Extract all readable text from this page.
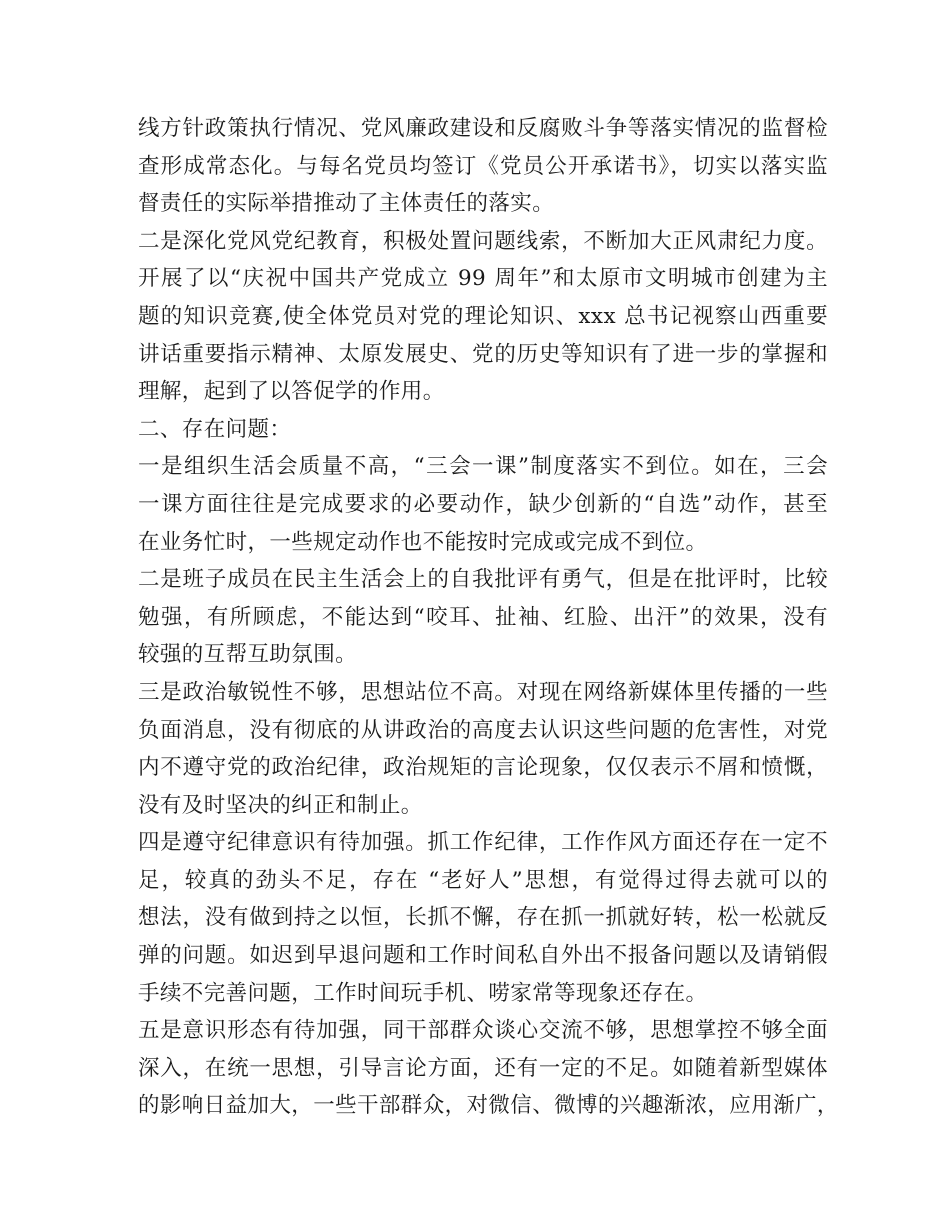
线方针政策执行情况、党风廉政建设和反腐败斗争等落实情况的监督检
查形成常态化。与每名党员均签订《党员公开承诺书》，切实以落实监
督责任的实际举措推动了主体责任的落实。
二是深化党风党纪教育，积极处置问题线索，不断加大正风肃纪力度。
开展了以“庆祝中国共产党成立 99 周年”和太原市文明城市创建为主
题的知识竞赛,使全体党员对党的理论知识、xxx 总书记视察山西重要
讲话重要指示精神、太原发展史、党的历史等知识有了进一步的掌握和
理解，起到了以答促学的作用。
二、存在问题：
一是组织生活会质量不高，“三会一课”制度落实不到位。如在，三会
一课方面往往是完成要求的必要动作，缺少创新的“自选”动作，甚至
在业务忙时，一些规定动作也不能按时完成或完成不到位。
二是班子成员在民主生活会上的自我批评有勇气，但是在批评时，比较
勉强，有所顾虑，不能达到“咬耳、扯袖、红脸、出汗”的效果，没有
较强的互帮互助氛围。
三是政治敏锐性不够，思想站位不高。对现在网络新媒体里传播的一些
负面消息，没有彻底的从讲政治的高度去认识这些问题的危害性，对党
内不遵守党的政治纪律，政治规矩的言论现象，仅仅表示不屑和愤慨，
没有及时坚决的纠正和制止。
四是遵守纪律意识有待加强。抓工作纪律，工作作风方面还存在一定不
足，较真的劲头不足，存在 “老好人”思想，有觉得过得去就可以的
想法，没有做到持之以恒，长抓不懈，存在抓一抓就好转，松一松就反
弹的问题。如迟到早退问题和工作时间私自外出不报备问题以及请销假
手续不完善问题，工作时间玩手机、唠家常等现象还存在。
五是意识形态有待加强，同干部群众谈心交流不够，思想掌控不够全面
深入，在统一思想，引导言论方面，还有一定的不足。如随着新型媒体
的影响日益加大，一些干部群众，对微信、微博的兴趣渐浓，应用渐广，
